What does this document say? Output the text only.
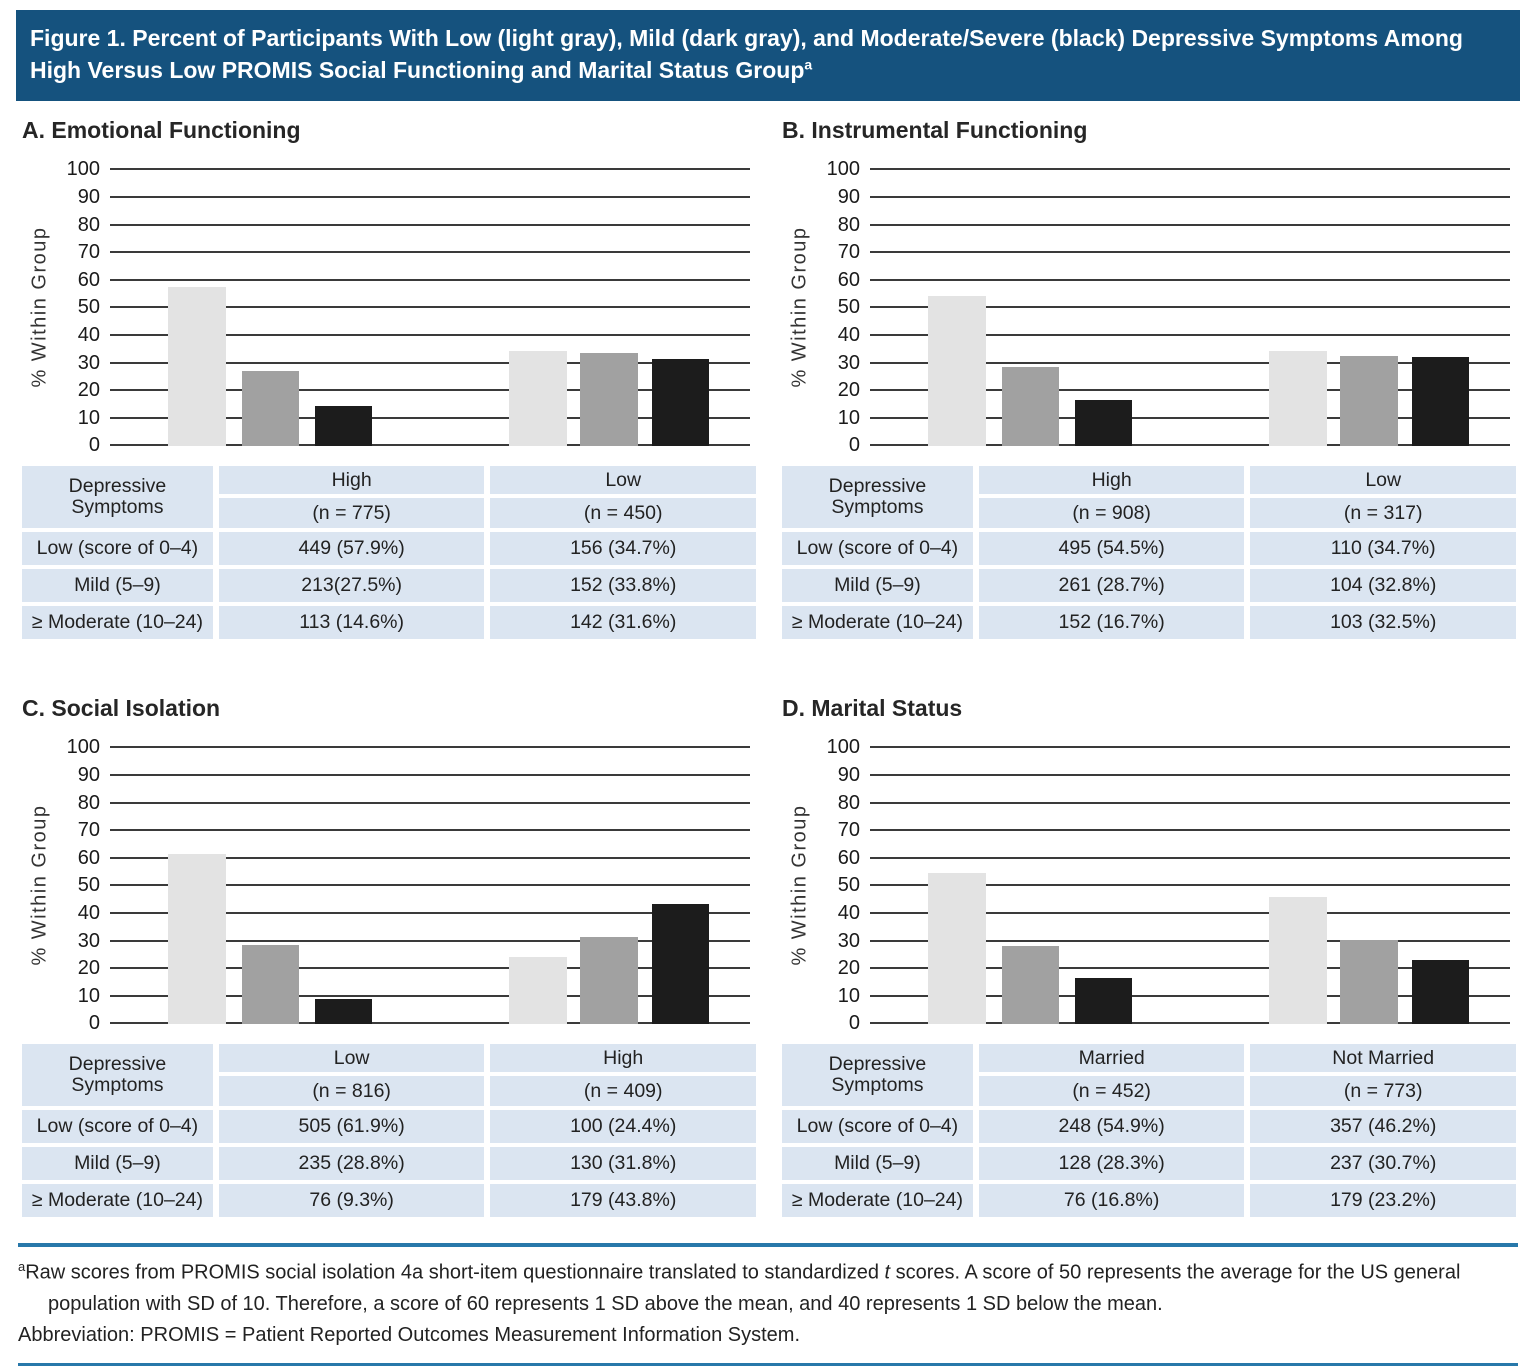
Figure 1. Percent of Participants With Low (light gray), Mild (dark gray), and Moderate/Severe (black) Depressive Symptoms Among High Versus Low PROMIS Social Functioning and Marital Status Group$^a$
A. Emotional Functioning
% Within Group
100
90
80
70
60
50
40
30
20
10
0
Depressive Symptoms
High	Low
(n = 775)	(n = 450)
Low (score of 0–4)	449 (57.9%)	156 (34.7%)
Mild (5–9)	213(27.5%)	152 (33.8%)
≥ Moderate (10–24)	113 (14.6%)	142 (31.6%)
B. Instrumental Functioning
% Within Group
100
90
80
70
60
50
40
30
20
10
0
Depressive Symptoms
High	Low
(n = 908)	(n = 317)
Low (score of 0–4)	495 (54.5%)	110 (34.7%)
Mild (5–9)	261 (28.7%)	104 (32.8%)
≥ Moderate (10–24)	152 (16.7%)	103 (32.5%)
C. Social Isolation
% Within Group
100
90
80
70
60
50
40
30
20
10
0
Depressive Symptoms
Low	High
(n = 816)	(n = 409)
Low (score of 0–4)	505 (61.9%)	100 (24.4%)
Mild (5–9)	235 (28.8%)	130 (31.8%)
≥ Moderate (10–24)	76 (9.3%)	179 (43.8%)
D. Marital Status
% Within Group
100
90
80
70
60
50
40
30
20
10
0
Depressive Symptoms
Married	Not Married
(n = 452)	(n = 773)
Low (score of 0–4)	248 (54.9%)	357 (46.2%)
Mild (5–9)	128 (28.3%)	237 (30.7%)
≥ Moderate (10–24)	76 (16.8%)	179 (23.2%)

$^a$Raw scores from PROMIS social isolation 4a short-item questionnaire translated to standardized t scores. A score of 50 represents the average for the US general population with SD of 10. Therefore, a score of 60 represents 1 SD above the mean, and 40 represents 1 SD below the mean.

Abbreviation: PROMIS = Patient Reported Outcomes Measurement Information System.
